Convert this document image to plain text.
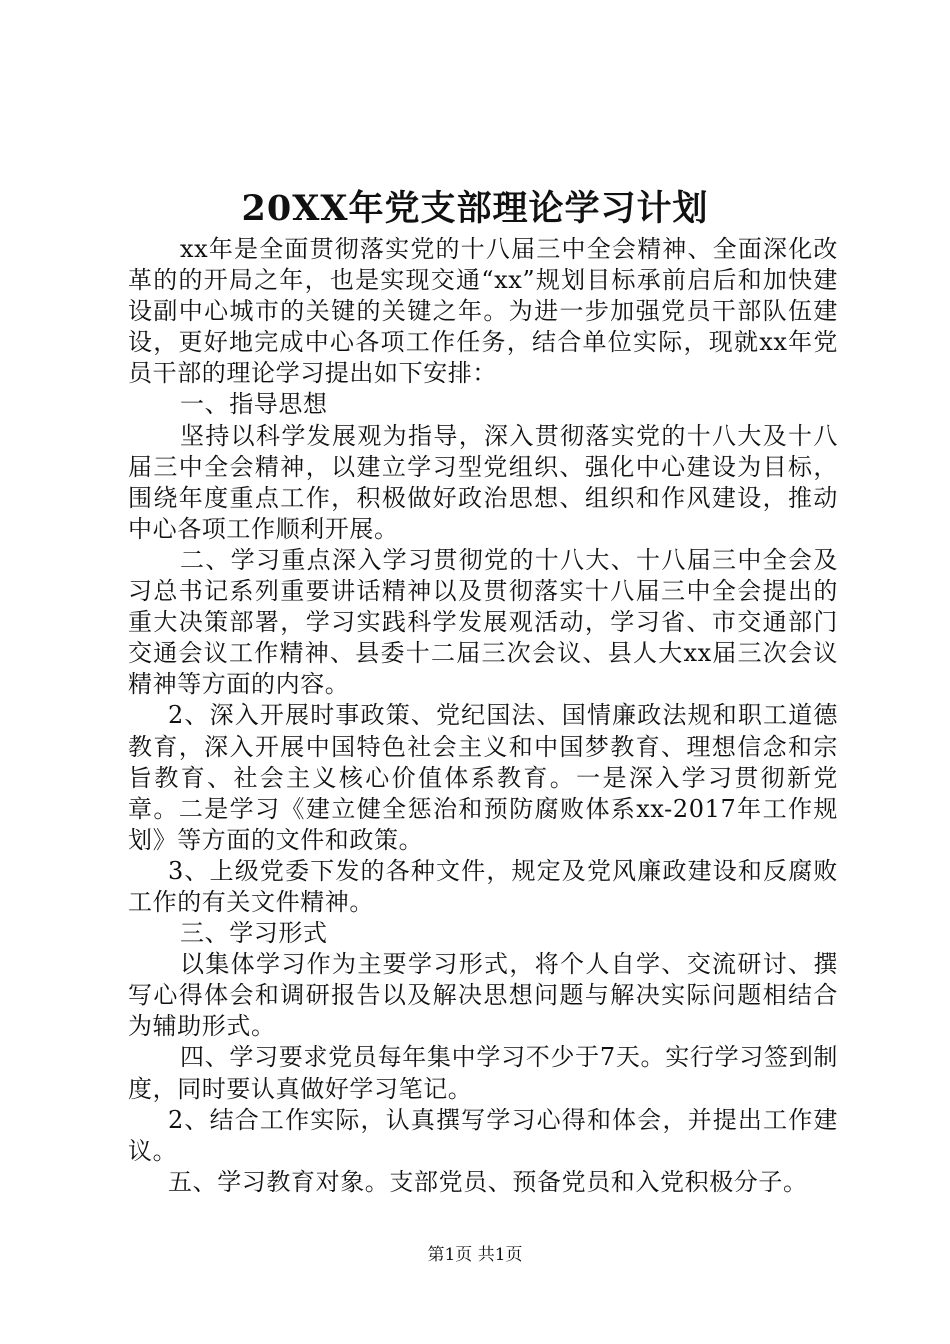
20XX年党支部理论学习计划

xx年是全面贯彻落实党的十八届三中全会精神、全面深化改革的的开局之年，也是实现交通“xx”规划目标承前启后和加快建设副中心城市的关键的关键之年。为进一步加强党员干部队伍建设，更好地完成中心各项工作任务，结合单位实际，现就xx年党员干部的理论学习提出如下安排：

一、指导思想

坚持以科学发展观为指导，深入贯彻落实党的十八大及十八届三中全会精神，以建立学习型党组织、强化中心建设为目标，围绕年度重点工作，积极做好政治思想、组织和作风建设，推动中心各项工作顺利开展。

二、学习重点深入学习贯彻党的十八大、十八届三中全会及习总书记系列重要讲话精神以及贯彻落实十八届三中全会提出的重大决策部署，学习实践科学发展观活动，学习省、市交通部门交通会议工作精神、县委十二届三次会议、县人大xx届三次会议精神等方面的内容。

2、深入开展时事政策、党纪国法、国情廉政法规和职工道德教育，深入开展中国特色社会主义和中国梦教育、理想信念和宗旨教育、社会主义核心价值体系教育。一是深入学习贯彻新党章。二是学习《建立健全惩治和预防腐败体系xx-2017年工作规划》等方面的文件和政策。

3、上级党委下发的各种文件，规定及党风廉政建设和反腐败工作的有关文件精神。

三、学习形式

以集体学习作为主要学习形式，将个人自学、交流研讨、撰写心得体会和调研报告以及解决思想问题与解决实际问题相结合为辅助形式。

四、学习要求党员每年集中学习不少于7天。实行学习签到制度，同时要认真做好学习笔记。

2、结合工作实际，认真撰写学习心得和体会，并提出工作建议。

五、学习教育对象。支部党员、预备党员和入党积极分子。

第1页 共1页
